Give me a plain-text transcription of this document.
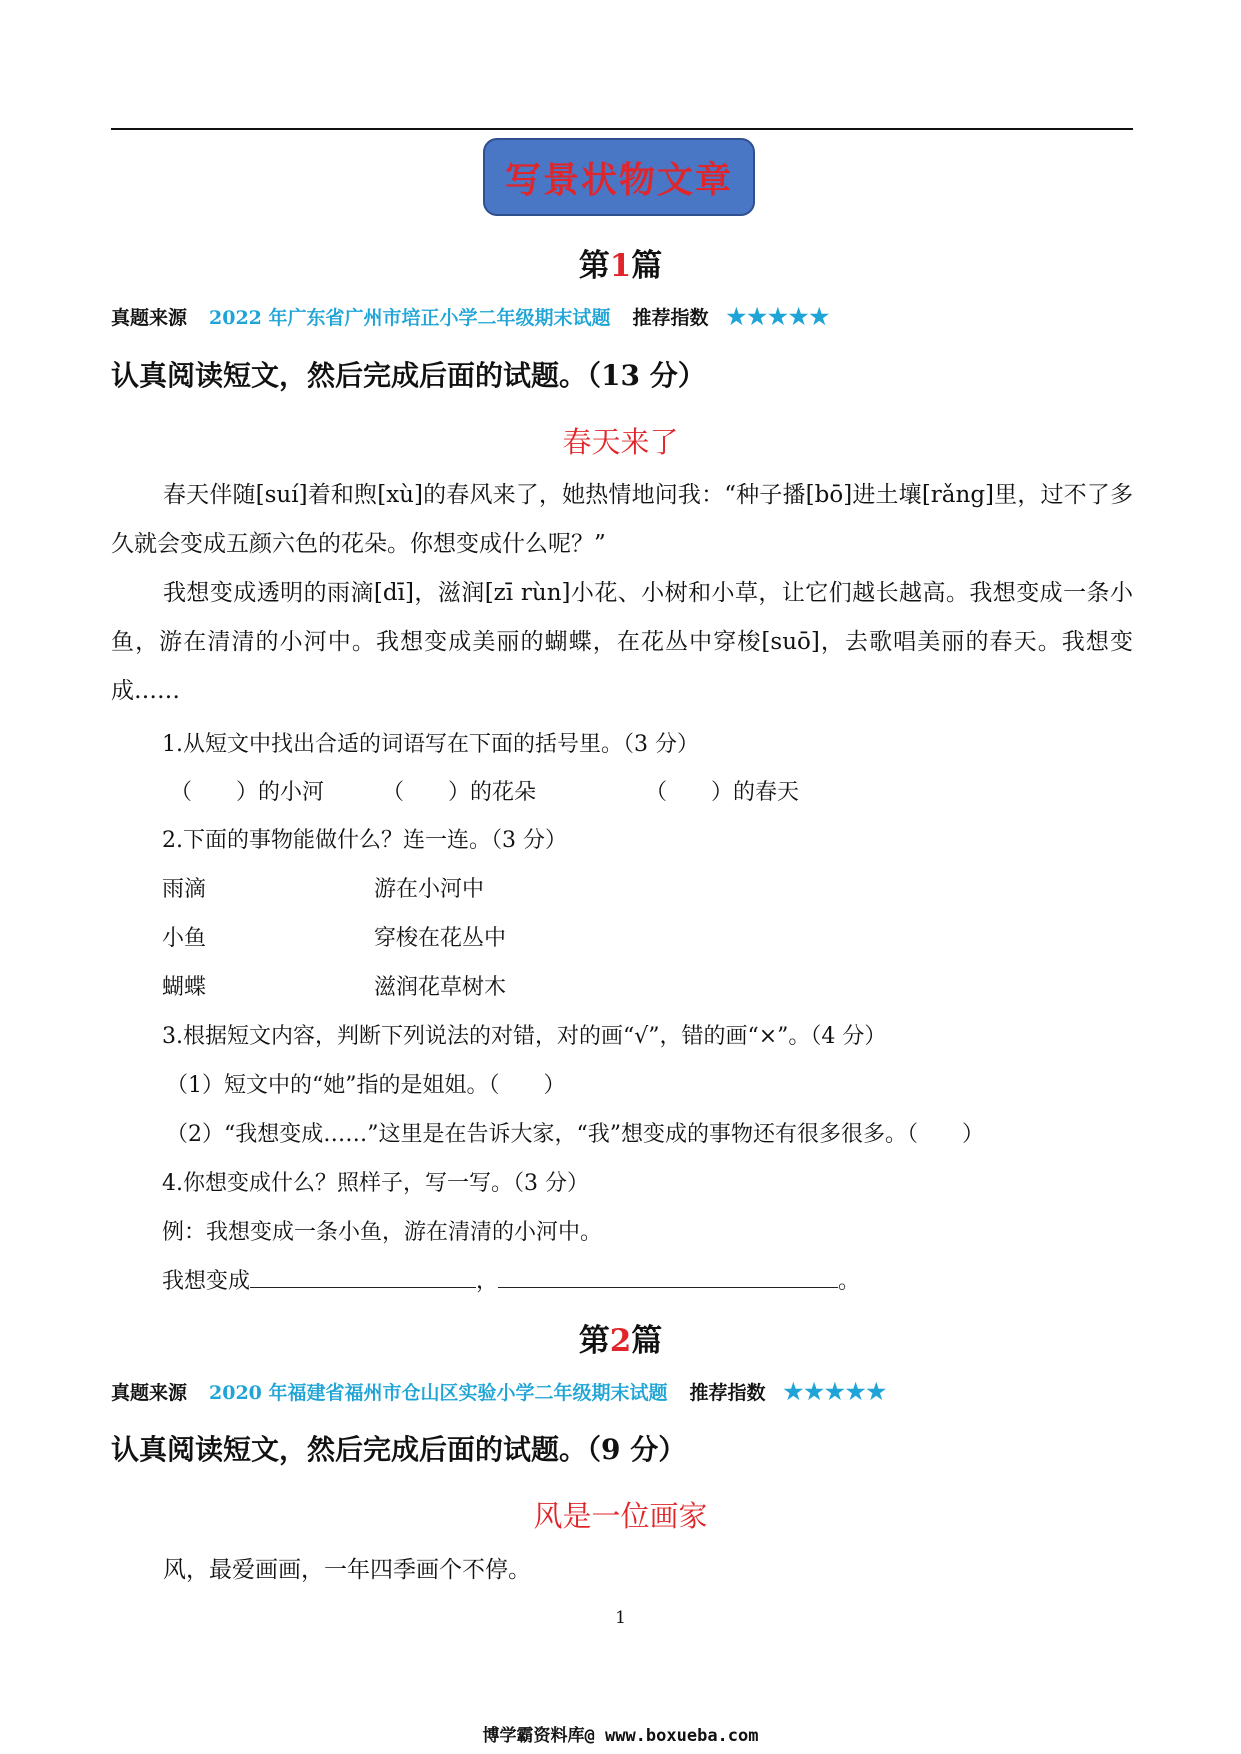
写景状物文章
第1篇
真题来源 2022 年广东省广州市培正小学二年级期末试题 推荐指数 ★★★★★
认真阅读短文，然后完成后面的试题。（13 分）
春天来了
春天伴随[suí]着和煦[xù]的春风来了，她热情地问我：“种子播[bō]进土壤[rǎng]里，过不了多久就会变成五颜六色的花朵。你想变成什么呢？”
我想变成透明的雨滴[dī]，滋润[zī rùn]小花、小树和小草，让它们越长越高。我想变成一条小鱼，游在清清的小河中。我想变成美丽的蝴蝶，在花丛中穿梭[suō]，去歌唱美丽的春天。我想变成……
1.从短文中找出合适的词语写在下面的括号里。（3 分）
（　　）的小河	（　　）的花朵	（　　）的春天
2.下面的事物能做什么？连一连。（3 分）
雨滴	游在小河中
小鱼	穿梭在花丛中
蝴蝶	滋润花草树木
3.根据短文内容，判断下列说法的对错，对的画“√”，错的画“×”。（4 分）
（1）短文中的“她”指的是姐姐。（　　）
（2）“我想变成……”这里是在告诉大家，“我”想变成的事物还有很多很多。（　　）
4.你想变成什么？照样子，写一写。（3 分）
例：我想变成一条小鱼，游在清清的小河中。
我想变成	，	。
第2篇
真题来源 2020 年福建省福州市仓山区实验小学二年级期末试题 推荐指数 ★★★★★
认真阅读短文，然后完成后面的试题。（9 分）
风是一位画家
风，最爱画画，一年四季画个不停。
1
博学霸资料库@ www.boxueba.com
